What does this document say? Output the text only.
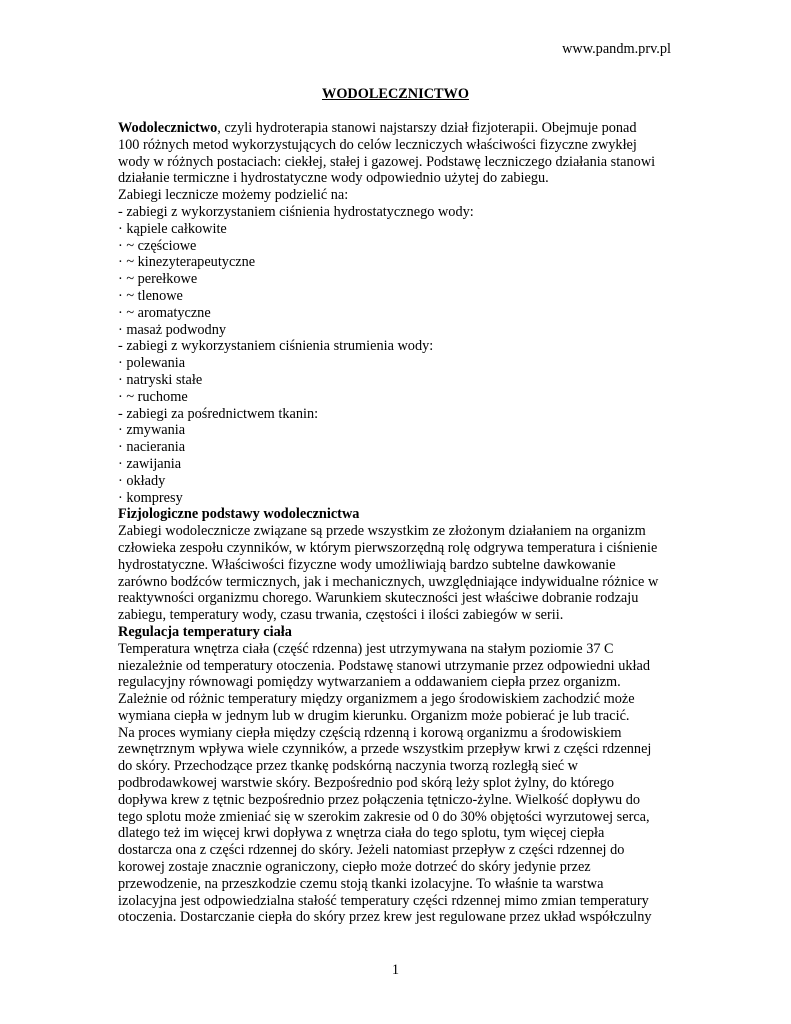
www.pandm.prv.pl
WODOLECZNICTWO

Wodolecznictwo, czyli hydroterapia stanowi najstarszy dział fizjoterapii. Obejmuje ponad
100 różnych metod wykorzystujących do celów leczniczych właściwości fizyczne zwykłej
wody w różnych postaciach: ciekłej, stałej i gazowej. Podstawę leczniczego działania stanowi
działanie termiczne i hydrostatyczne wody odpowiednio użytej do zabiegu.
Zabiegi lecznicze możemy podzielić na:

- zabiegi z wykorzystaniem ciśnienia hydrostatycznego wody:
· kąpiele całkowite
· ~ częściowe
· ~ kinezyterapeutyczne
· ~ perełkowe
· ~ tlenowe
· ~ aromatyczne
· masaż podwodny
- zabiegi z wykorzystaniem ciśnienia strumienia wody:
· polewania
· natryski stałe
· ~ ruchome
- zabiegi za pośrednictwem tkanin:
· zmywania
· nacierania
· zawijania
· okłady
· kompresy
Fizjologiczne podstawy wodolecznictwa
Zabiegi wodolecznicze związane są przede wszystkim ze złożonym działaniem na organizm
człowieka zespołu czynników, w którym pierwszorzędną rolę odgrywa temperatura i ciśnienie
hydrostatyczne. Właściwości fizyczne wody umożliwiają bardzo subtelne dawkowanie
zarówno bodźców termicznych, jak i mechanicznych, uwzględniające indywidualne różnice w
reaktywności organizmu chorego. Warunkiem skuteczności jest właściwe dobranie rodzaju
zabiegu, temperatury wody, czasu trwania, częstości i ilości zabiegów w serii.
Regulacja temperatury ciała
Temperatura wnętrza ciała (część rdzenna) jest utrzymywana na stałym poziomie 37 C
niezależnie od temperatury otoczenia. Podstawę stanowi utrzymanie przez odpowiedni układ
regulacyjny równowagi pomiędzy wytwarzaniem a oddawaniem ciepła przez organizm.
Zależnie od różnic temperatury między organizmem a jego środowiskiem zachodzić może
wymiana ciepła w jednym lub w drugim kierunku. Organizm może pobierać je lub tracić.
Na proces wymiany ciepła między częścią rdzenną i korową organizmu a środowiskiem
zewnętrznym wpływa wiele czynników, a przede wszystkim przepływ krwi z części rdzennej
do skóry. Przechodzące przez tkankę podskórną naczynia tworzą rozległą sieć w
podbrodawkowej warstwie skóry. Bezpośrednio pod skórą leży splot żylny, do którego
dopływa krew z tętnic bezpośrednio przez połączenia tętniczo-żylne. Wielkość dopływu do
tego splotu może zmieniać się w szerokim zakresie od 0 do 30% objętości wyrzutowej serca,
dlatego też im więcej krwi dopływa z wnętrza ciała do tego splotu, tym więcej ciepła
dostarcza ona z części rdzennej do skóry. Jeżeli natomiast przepływ z części rdzennej do
korowej zostaje znacznie ograniczony, ciepło może dotrzeć do skóry jedynie przez
przewodzenie, na przeszkodzie czemu stoją tkanki izolacyjne. To właśnie ta warstwa
izolacyjna jest odpowiedzialna stałość temperatury części rdzennej mimo zmian temperatury
otoczenia. Dostarczanie ciepła do skóry przez krew jest regulowane przez układ współczulny
1
